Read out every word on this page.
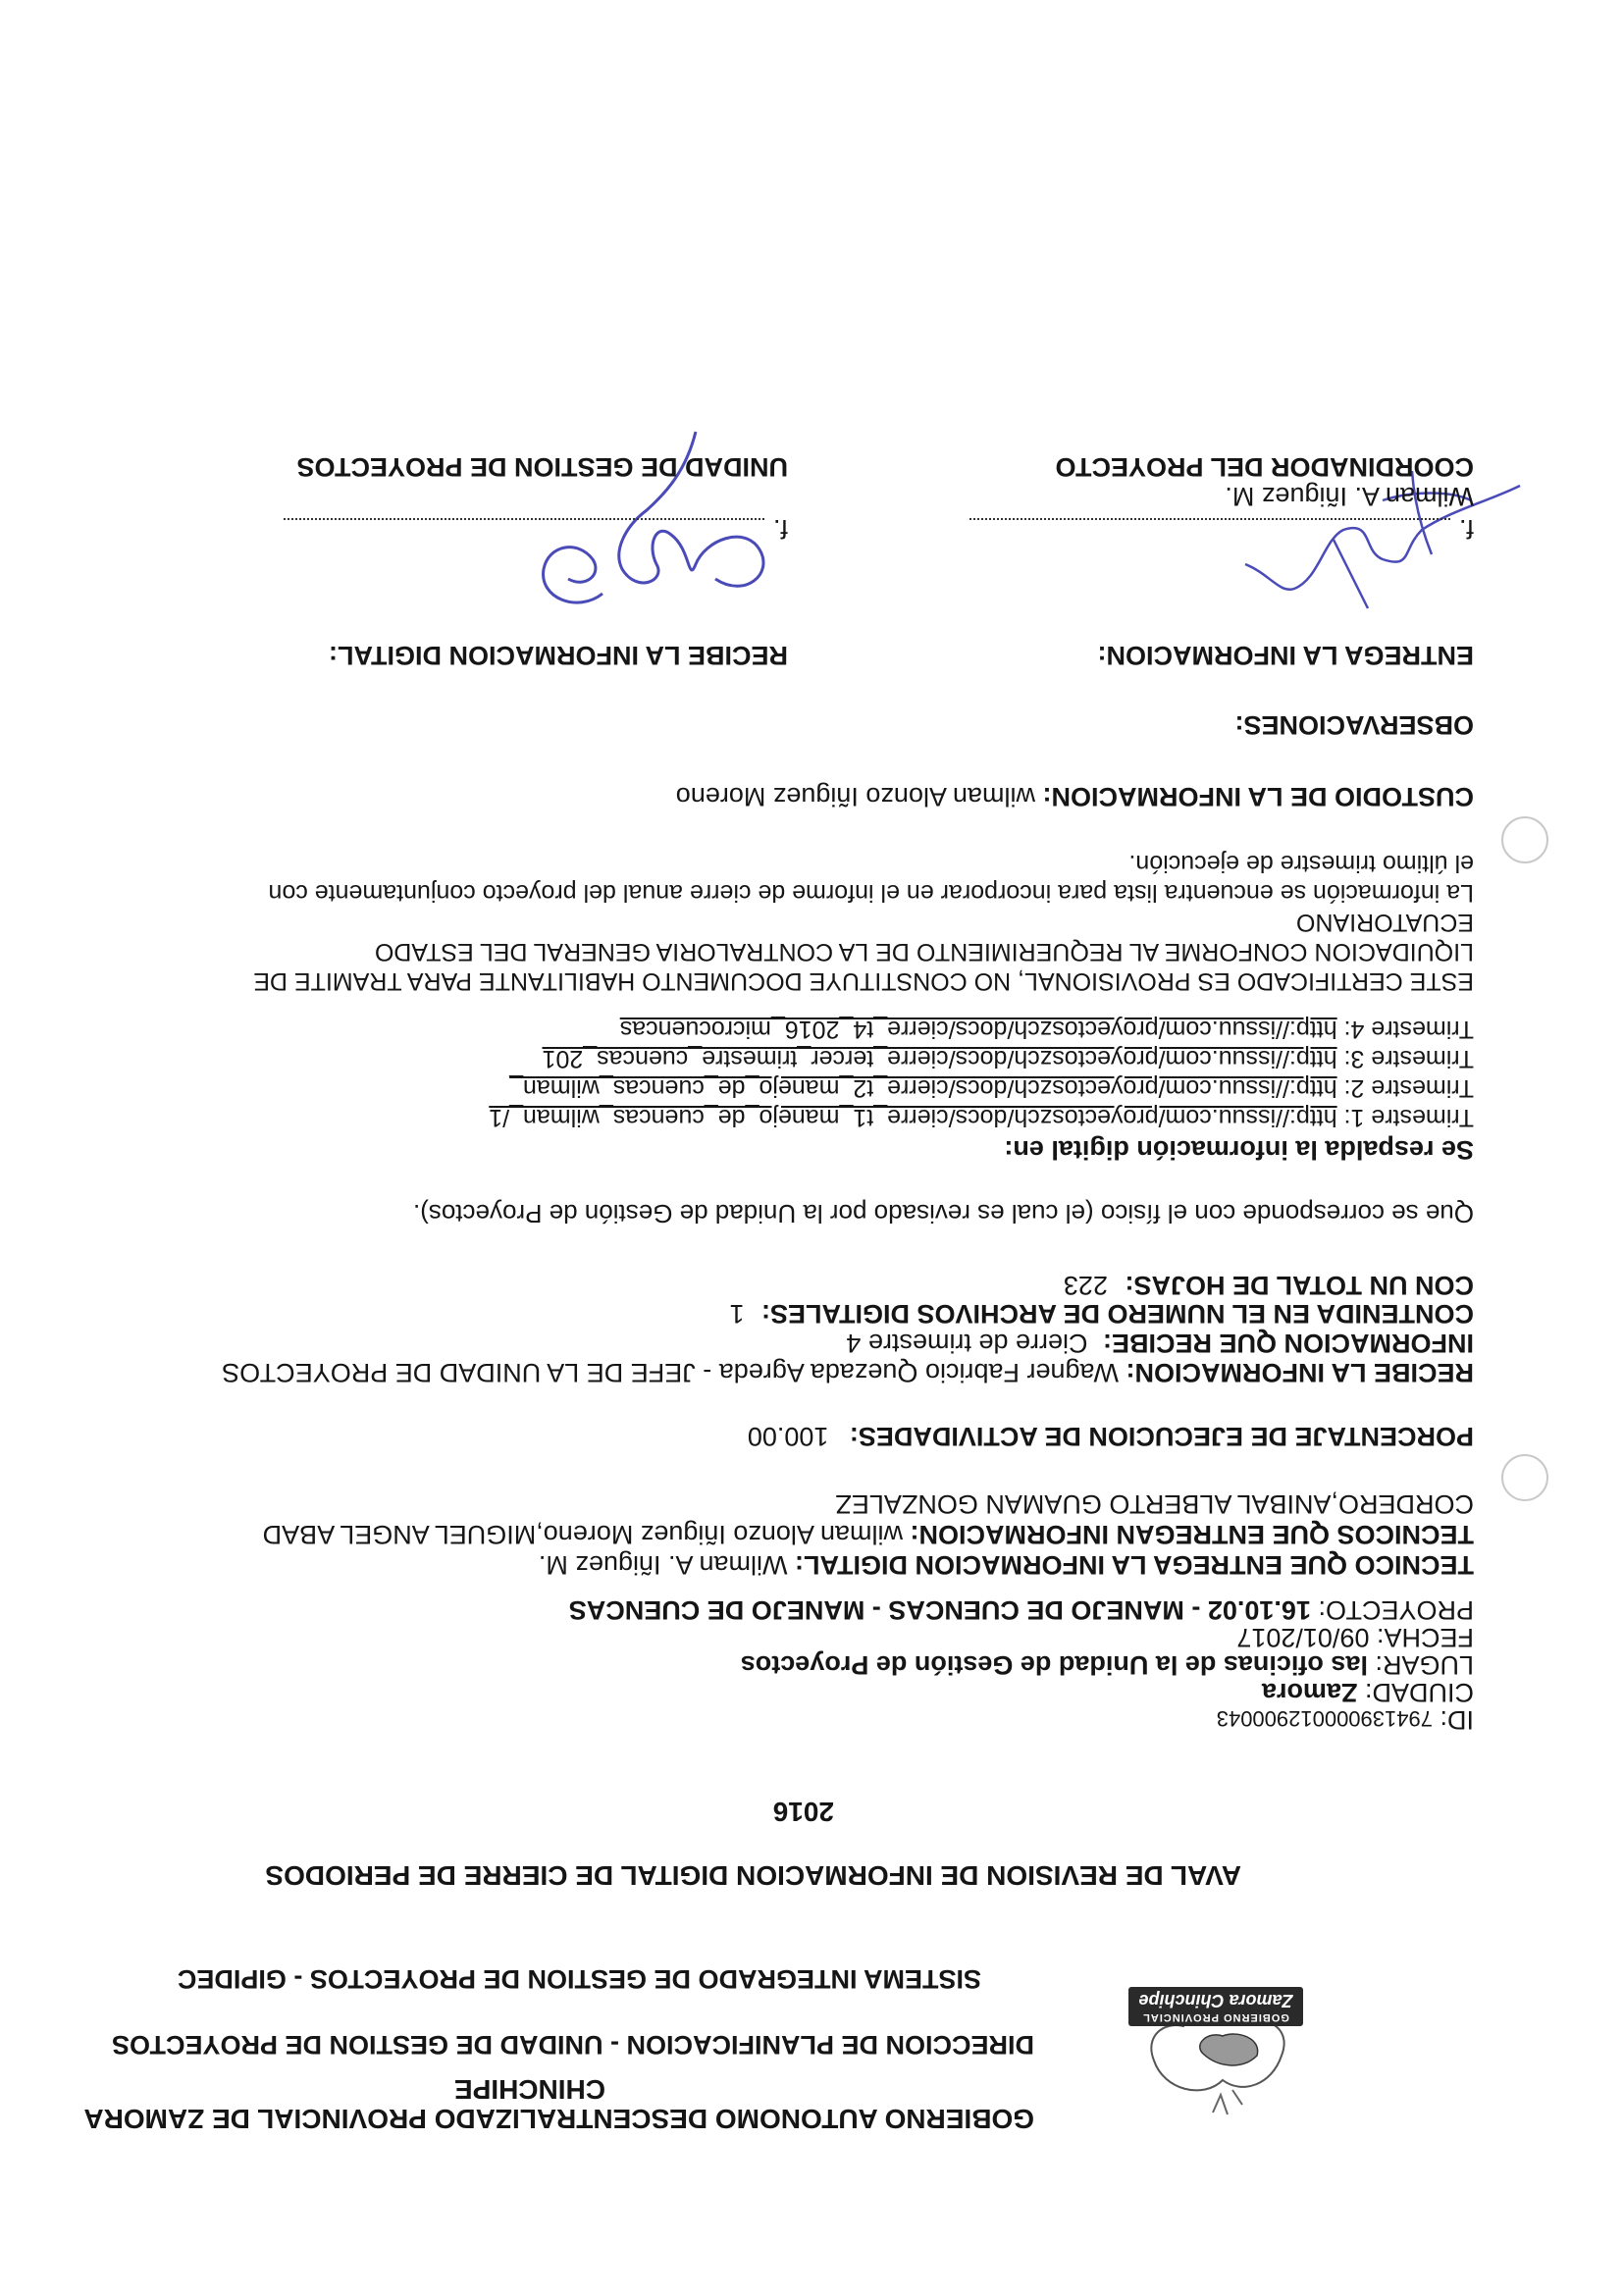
GOBIERNO PROVINCIAL
Zamora Chinchipe
GOBIERNO AUTONOMO DESCENTRALIZADO PROVINCIAL DE ZAMORA
CHINCHIPE
DIRECCION DE PLANIFICACION - UNIDAD DE GESTION DE PROYECTOS
SISTEMA INTEGRADO DE GESTION DE PROYECTOS - GIPIDEC
AVAL DE REVISION DE INFORMACION DIGITAL DE CIERRE DE PERIODOS
2016
ID: 794139000012900043
CIUDAD: Zamora
LUGAR: las oficinas de la Unidad de Gestión de Proyectos
FECHA: 09/01/2017
PROYECTO: 16.10.02 - MANEJO DE CUENCAS - MANEJO DE CUENCAS
TECNICO QUE ENTREGA LA INFORMACION DIGITAL: Wilman A. Iñiguez M.
TECNICOS QUE ENTREGAN INFORMACION: wilman Alonzo Iñiguez Moreno,MIGUEL ANGEL ABAD
CORDERO,ANIBAL ALBERTO GUAMAN GONZALEZ
PORCENTAJE DE EJECUCION DE ACTIVIDADES: 100.00
RECIBE LA INFORMACION: Wagner Fabricio Quezada Agreda - JEFE DE LA UNIDAD DE PROYECTOS
INFORMACION QUE RECIBE: Cierre de trimestre 4
CONTENIDA EN EL NUMERO DE ARCHIVOS DIGITALES: 1
CON UN TOTAL DE HOJAS: 223
Que se corresponde con el físico (el cual es revisado por la Unidad de Gestión de Proyectos).
Se respalda la información digital en:
Trimestre 1: http://issuu.com/proyectoszch/docs/cierre_t1_manejo_de_cuencas_wilman_/1
Trimestre 2: http://issuu.com/proyectoszch/docs/cierre_t2_manejo_de_cuencas_wilman_
Trimestre 3: http://issuu.com/proyectoszch/docs/cierre_tercer_trimestre_cuencas_201
Trimestre 4: http://issuu.com/proyectoszch/docs/cierre_t4_2016_microcuencas
ESTE CERTIFICADO ES PROVISIONAL, NO CONSTITUYE DOCUMENTO HABILITANTE PARA TRAMITE DE
LIQUIDACION CONFORME AL REQUERIMIENTO DE LA CONTRALORIA GENERAL DEL ESTADO
ECUATORIANO
La información se encuentra lista para incorporar en el informe de cierre anual del proyecto conjuntamente con
el último trimestre de ejecución.
CUSTODIO DE LA INFORMACION: wilman Alonzo Iñiguez Moreno
OBSERVACIONES:
ENTREGA LA INFORMACION:
RECIBE LA INFORMACION DIGITAL:
f.
Wilman A. Iñiguez M.
COORDINADOR DEL PROYECTO
f.
UNIDAD DE GESTION DE PROYECTOS
